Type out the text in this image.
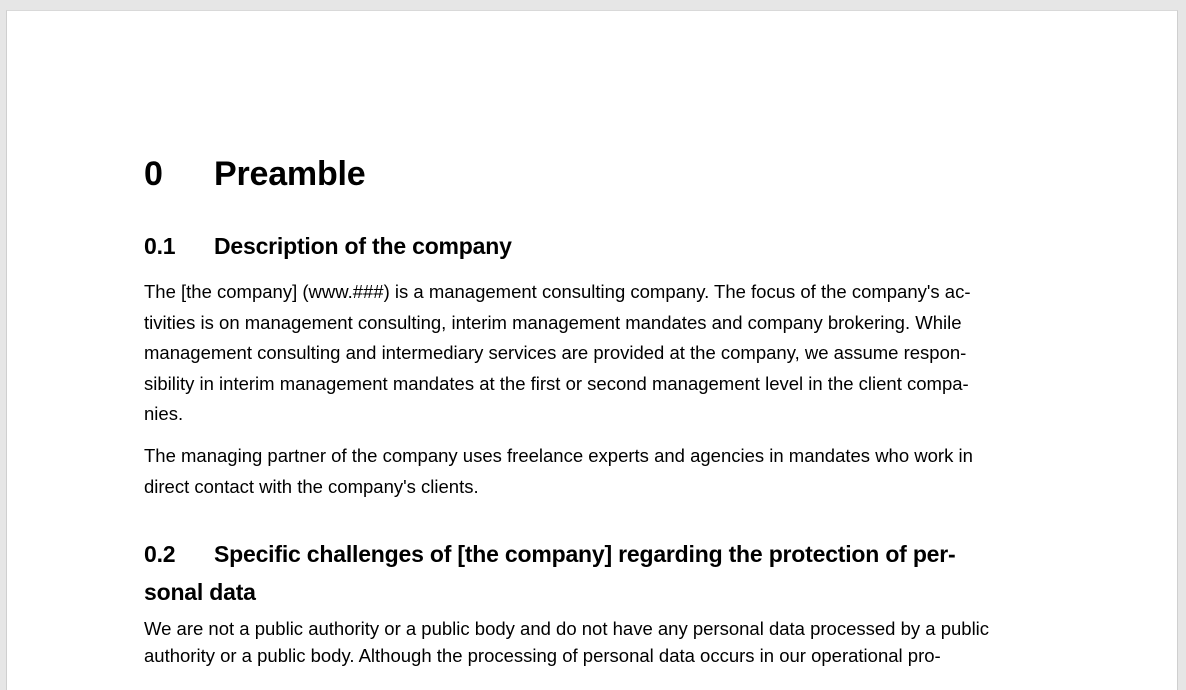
0 Preamble
0.1 Description of the company
The [the company] (www.###) is a management consulting company. The focus of the company's ac-
tivities is on management consulting, interim management mandates and company brokering. While
management consulting and intermediary services are provided at the company, we assume respon-
sibility in interim management mandates at the first or second management level in the client compa-
nies.
The managing partner of the company uses freelance experts and agencies in mandates who work in
direct contact with the company's clients.
0.2 Specific challenges of [the company] regarding the protection of per-
sonal data
We are not a public authority or a public body and do not have any personal data processed by a public
authority or a public body. Although the processing of personal data occurs in our operational pro-
